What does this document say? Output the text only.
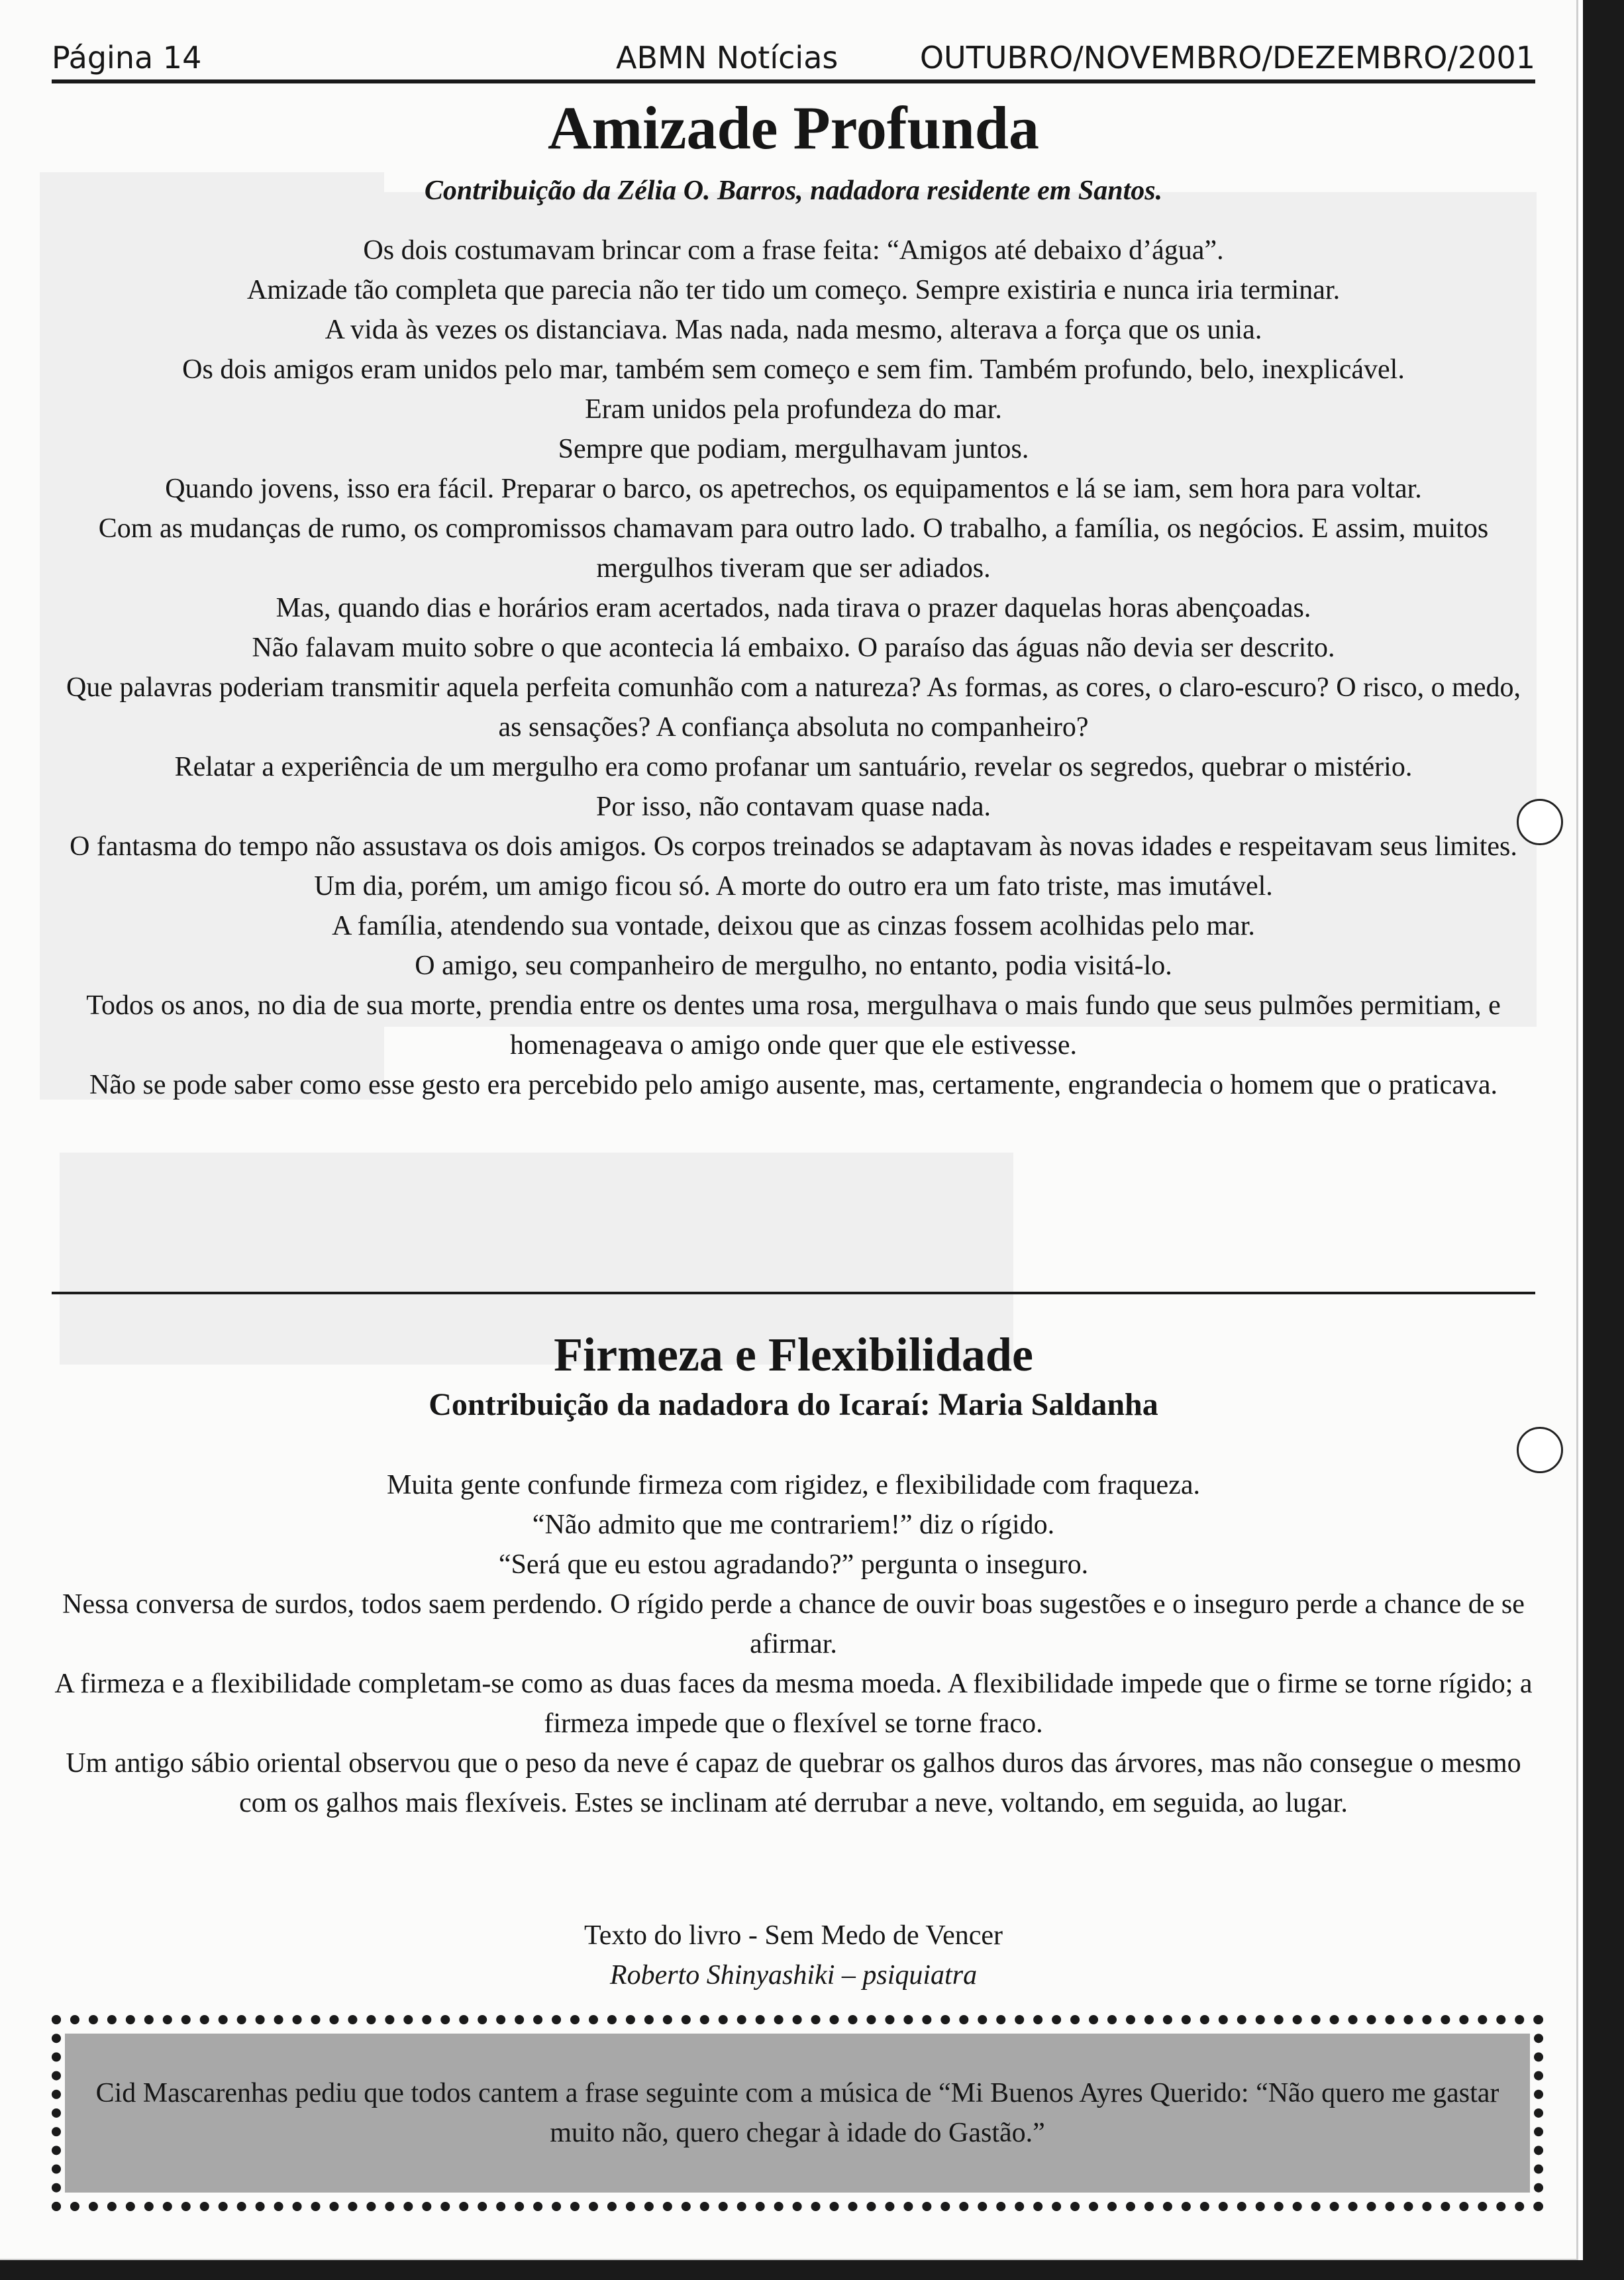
Página 14	ABMN Notícias	OUTUBRO/NOVEMBRO/DEZEMBRO/2001
Amizade Profunda

Contribuição da Zélia O. Barros, nadadora residente em Santos.

Os dois costumavam brincar com a frase feita: “Amigos até debaixo d’água”.

Amizade tão completa que parecia não ter tido um começo. Sempre existiria e nunca iria terminar.

A vida às vezes os distanciava. Mas nada, nada mesmo, alterava a força que os unia.

Os dois amigos eram unidos pelo mar, também sem começo e sem fim. Também profundo, belo, inexplicável.

Eram unidos pela profundeza do mar.

Sempre que podiam, mergulhavam juntos.

Quando jovens, isso era fácil. Preparar o barco, os apetrechos, os equipamentos e lá se iam, sem hora para voltar.

Com as mudanças de rumo, os compromissos chamavam para outro lado. O trabalho, a família, os negócios. E assim, muitos mergulhos tiveram que ser adiados.

Mas, quando dias e horários eram acertados, nada tirava o prazer daquelas horas abençoadas.

Não falavam muito sobre o que acontecia lá embaixo. O paraíso das águas não devia ser descrito.

Que palavras poderiam transmitir aquela perfeita comunhão com a natureza? As formas, as cores, o claro-escuro? O risco, o medo, as sensações? A confiança absoluta no companheiro?

Relatar a experiência de um mergulho era como profanar um santuário, revelar os segredos, quebrar o mistério.

Por isso, não contavam quase nada.

O fantasma do tempo não assustava os dois amigos. Os corpos treinados se adaptavam às novas idades e respeitavam seus limites.

Um dia, porém, um amigo ficou só. A morte do outro era um fato triste, mas imutável.

A família, atendendo sua vontade, deixou que as cinzas fossem acolhidas pelo mar.

O amigo, seu companheiro de mergulho, no entanto, podia visitá-lo.

Todos os anos, no dia de sua morte, prendia entre os dentes uma rosa, mergulhava o mais fundo que seus pulmões permitiam, e homenageava o amigo onde quer que ele estivesse.

Não se pode saber como esse gesto era percebido pelo amigo ausente, mas, certamente, engrandecia o homem que o praticava.

Firmeza e Flexibilidade

Contribuição da nadadora do Icaraí: Maria Saldanha

Muita gente confunde firmeza com rigidez, e flexibilidade com fraqueza.

“Não admito que me contrariem!” diz o rígido.

“Será que eu estou agradando?” pergunta o inseguro.

Nessa conversa de surdos, todos saem perdendo. O rígido perde a chance de ouvir boas sugestões e o inseguro perde a chance de se afirmar.

A firmeza e a flexibilidade completam-se como as duas faces da mesma moeda. A flexibilidade impede que o firme se torne rígido; a firmeza impede que o flexível se torne fraco.

Um antigo sábio oriental observou que o peso da neve é capaz de quebrar os galhos duros das árvores, mas não consegue o mesmo com os galhos mais flexíveis. Estes se inclinam até derrubar a neve, voltando, em seguida, ao lugar.

Texto do livro - Sem Medo de Vencer
Roberto Shinyashiki – psiquiatra
Cid Mascarenhas pediu que todos cantem a frase seguinte com a música de “Mi Buenos Ayres Querido: “Não quero me gastar muito não, quero chegar à idade do Gastão.”
